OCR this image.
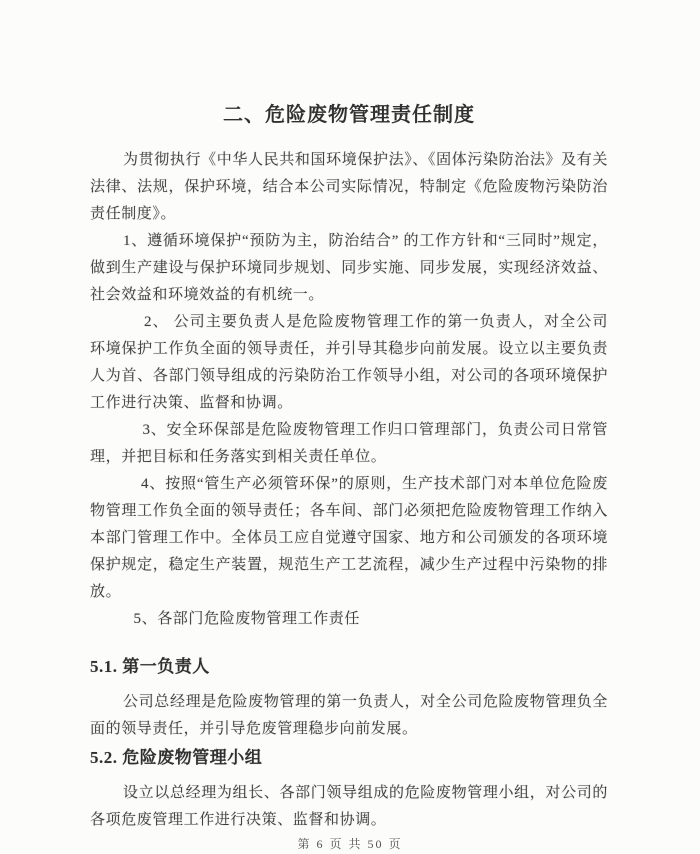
二、危险废物管理责任制度

为贯彻执行《中华人民共和国环境保护法》、《固体污染防治法》及有关法律、法规，保护环境，结合本公司实际情况，特制定《危险废物污染防治责任制度》。

1、遵循环境保护“预防为主，防治结合” 的工作方针和“三同时”规定，做到生产建设与保护环境同步规划、同步实施、同步发展，实现经济效益、社会效益和环境效益的有机统一。

2、 公司主要负责人是危险废物管理工作的第一负责人，对全公司环境保护工作负全面的领导责任，并引导其稳步向前发展。设立以主要负责人为首、各部门领导组成的污染防治工作领导小组，对公司的各项环境保护工作进行决策、监督和协调。

3、安全环保部是危险废物管理工作归口管理部门，负责公司日常管理，并把目标和任务落实到相关责任单位。

4、按照“管生产必须管环保”的原则，生产技术部门对本单位危险废物管理工作负全面的领导责任；各车间、部门必须把危险废物管理工作纳入本部门管理工作中。全体员工应自觉遵守国家、地方和公司颁发的各项环境保护规定，稳定生产装置，规范生产工艺流程，减少生产过程中污染物的排放。

5、各部门危险废物管理工作责任

5.1. 第一负责人

公司总经理是危险废物管理的第一负责人，对全公司危险废物管理负全面的领导责任，并引导危废管理稳步向前发展。

5.2. 危险废物管理小组

设立以总经理为组长、各部门领导组成的危险废物管理小组，对公司的各项危废管理工作进行决策、监督和协调。

第 6 页 共 50 页
